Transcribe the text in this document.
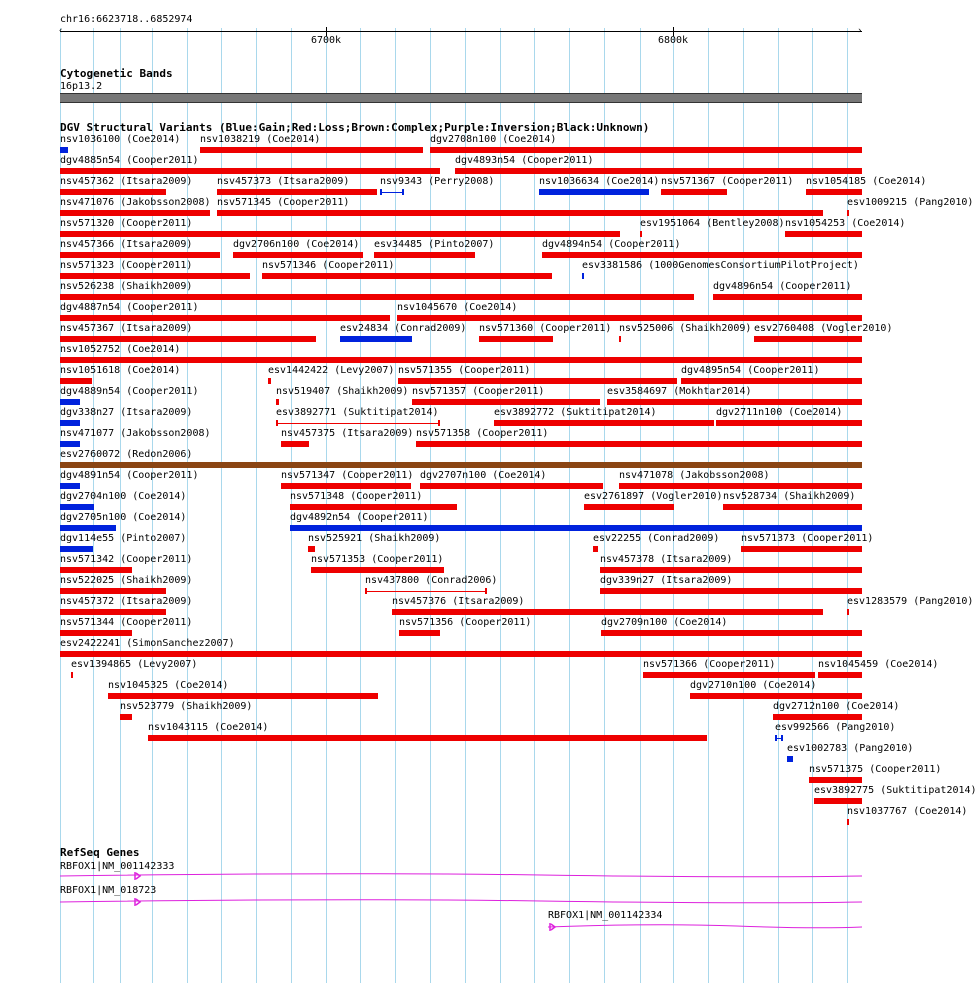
chr16:6623718..6852974
‹	›
6700k	6800k
Cytogenetic Bands
16p13.2
DGV Structural Variants (Blue:Gain;Red:Loss;Brown:Complex;Purple:Inversion;Black:Unknown)
nsv1036100 (Coe2014) nsv1038219 (Coe2014)	dgv2708n100 (Coe2014)
dgv4885n54 (Cooper2011)	dgv4893n54 (Cooper2011)
nsv457362 (Itsara2009) nsv457373 (Itsara2009)	nsv9343 (Perry2008)	nsv1036634 (Coe2014) nsv571367 (Cooper2011) nsv1054185 (Coe2014)
nsv471076 (Jakobsson2008) nsv571345 (Cooper2011)	esv1009215 (Pang2010)
nsv571320 (Cooper2011)	esv1951064 (Bentley2008) nsv1054253 (Coe2014)
nsv457366 (Itsara2009)	dgv2706n100 (Coe2014) esv34485 (Pinto2007)	dgv4894n54 (Cooper2011)
nsv571323 (Cooper2011)	nsv571346 (Cooper2011)	esv3381586 (1000GenomesConsortiumPilotProject)
nsv526238 (Shaikh2009)	dgv4896n54 (Cooper2011)
dgv4887n54 (Cooper2011)	nsv1045670 (Coe2014)
nsv457367 (Itsara2009)	esv24834 (Conrad2009) nsv571360 (Cooper2011) nsv525006 (Shaikh2009) esv2760408 (Vogler2010)
nsv1052752 (Coe2014)
nsv1051618 (Coe2014)	esv1442422 (Levy2007) nsv571355 (Cooper2011)	dgv4895n54 (Cooper2011)
dgv4889n54 (Cooper2011)	nsv519407 (Shaikh2009) nsv571357 (Cooper2011)	esv3584697 (Mokhtar2014)
dgv338n27 (Itsara2009)	esv3892771 (Suktitipat2014)	esv3892772 (Suktitipat2014)	dgv2711n100 (Coe2014)
nsv471077 (Jakobsson2008)	nsv457375 (Itsara2009) nsv571358 (Cooper2011)
esv2760072 (Redon2006)
dgv4891n54 (Cooper2011)	nsv571347 (Cooper2011) dgv2707n100 (Coe2014)	nsv471078 (Jakobsson2008)
dgv2704n100 (Coe2014)	nsv571348 (Cooper2011)	esv2761897 (Vogler2010) nsv528734 (Shaikh2009)
dgv2705n100 (Coe2014)	dgv4892n54 (Cooper2011)
dgv114e55 (Pinto2007)	nsv525921 (Shaikh2009)	esv22255 (Conrad2009) nsv571373 (Cooper2011)
nsv571342 (Cooper2011)	nsv571353 (Cooper2011)	nsv457378 (Itsara2009)
nsv522025 (Shaikh2009)	nsv437800 (Conrad2006)	dgv339n27 (Itsara2009)
nsv457372 (Itsara2009)	nsv457376 (Itsara2009)	esv1283579 (Pang2010)
nsv571344 (Cooper2011)	nsv571356 (Cooper2011)	dgv2709n100 (Coe2014)
esv2422241 (SimonSanchez2007)
esv1394865 (Levy2007)	nsv571366 (Cooper2011)	nsv1045459 (Coe2014)
nsv1045325 (Coe2014)	dgv2710n100 (Coe2014)
nsv523779 (Shaikh2009)	dgv2712n100 (Coe2014)
nsv1043115 (Coe2014)	esv992566 (Pang2010)
esv1002783 (Pang2010)
nsv571375 (Cooper2011)
esv3892775 (Suktitipat2014)
nsv1037767 (Coe2014)
RefSeq Genes
RBFOX1|NM_001142333
RBFOX1|NM_018723
RBFOX1|NM_001142334
